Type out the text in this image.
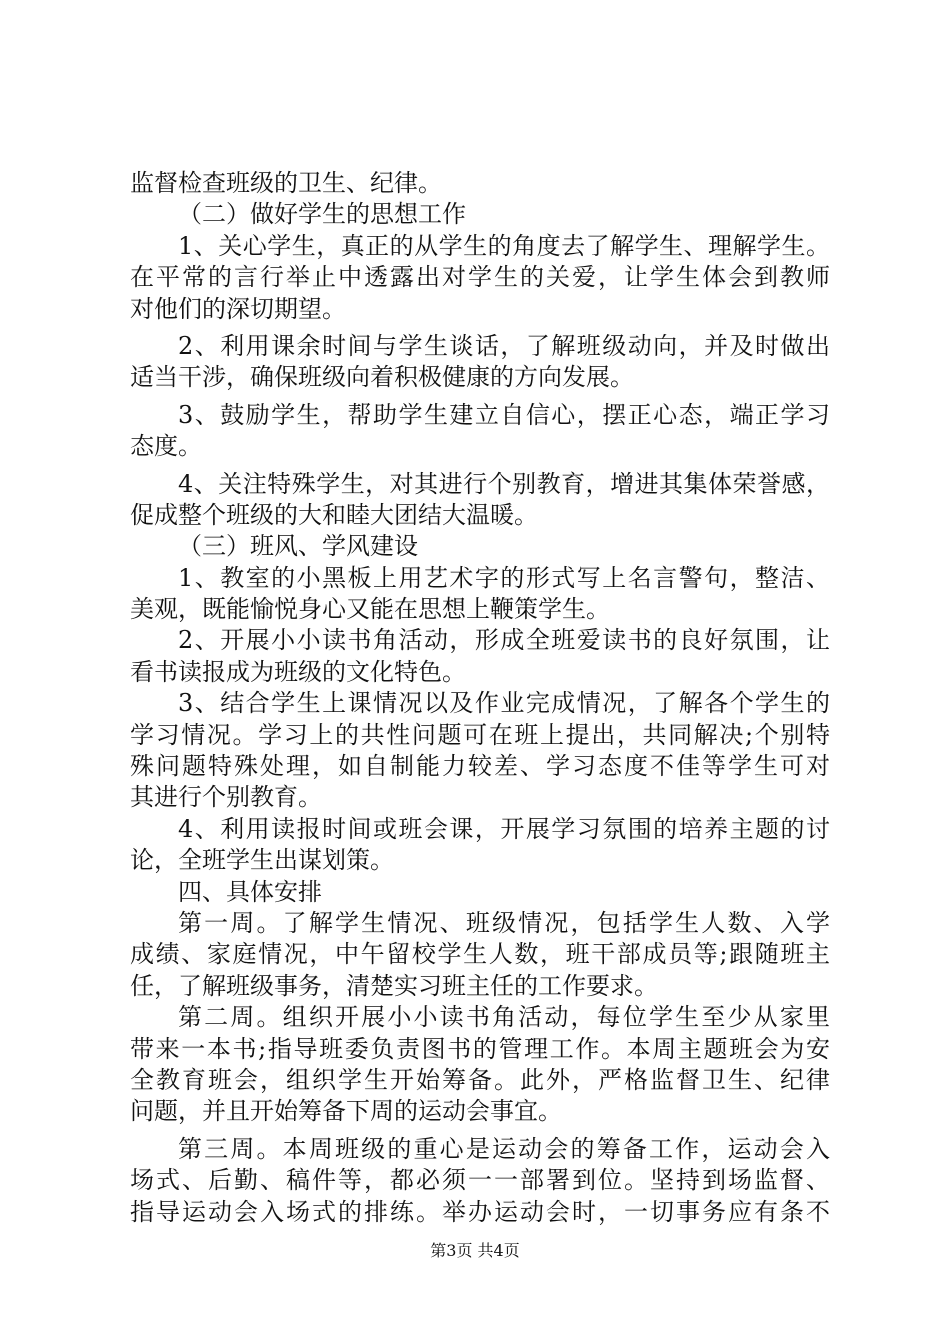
监督检查班级的卫生、纪律。
（二）做好学生的思想工作
1、关心学生，真正的从学生的角度去了解学生、理解学生。
在平常的言行举止中透露出对学生的关爱，让学生体会到教师
对他们的深切期望。
2、利用课余时间与学生谈话，了解班级动向，并及时做出
适当干涉，确保班级向着积极健康的方向发展。
3、鼓励学生，帮助学生建立自信心，摆正心态，端正学习
态度。
4、关注特殊学生，对其进行个别教育，增进其集体荣誉感，
促成整个班级的大和睦大团结大温暖。
（三）班风、学风建设
1、教室的小黑板上用艺术字的形式写上名言警句，整洁、
美观，既能愉悦身心又能在思想上鞭策学生。
2、开展小小读书角活动，形成全班爱读书的良好氛围，让
看书读报成为班级的文化特色。
3、结合学生上课情况以及作业完成情况，了解各个学生的
学习情况。学习上的共性问题可在班上提出，共同解决;个别特
殊问题特殊处理，如自制能力较差、学习态度不佳等学生可对
其进行个别教育。
4、利用读报时间或班会课，开展学习氛围的培养主题的讨
论，全班学生出谋划策。
四、具体安排
第一周。了解学生情况、班级情况，包括学生人数、入学
成绩、家庭情况，中午留校学生人数，班干部成员等;跟随班主
任，了解班级事务，清楚实习班主任的工作要求。
第二周。组织开展小小读书角活动，每位学生至少从家里
带来一本书;指导班委负责图书的管理工作。本周主题班会为安
全教育班会，组织学生开始筹备。此外，严格监督卫生、纪律
问题，并且开始筹备下周的运动会事宜。
第三周。本周班级的重心是运动会的筹备工作，运动会入
场式、后勤、稿件等，都必须一一部署到位。坚持到场监督、
指导运动会入场式的排练。举办运动会时，一切事务应有条不
第3页 共4页
